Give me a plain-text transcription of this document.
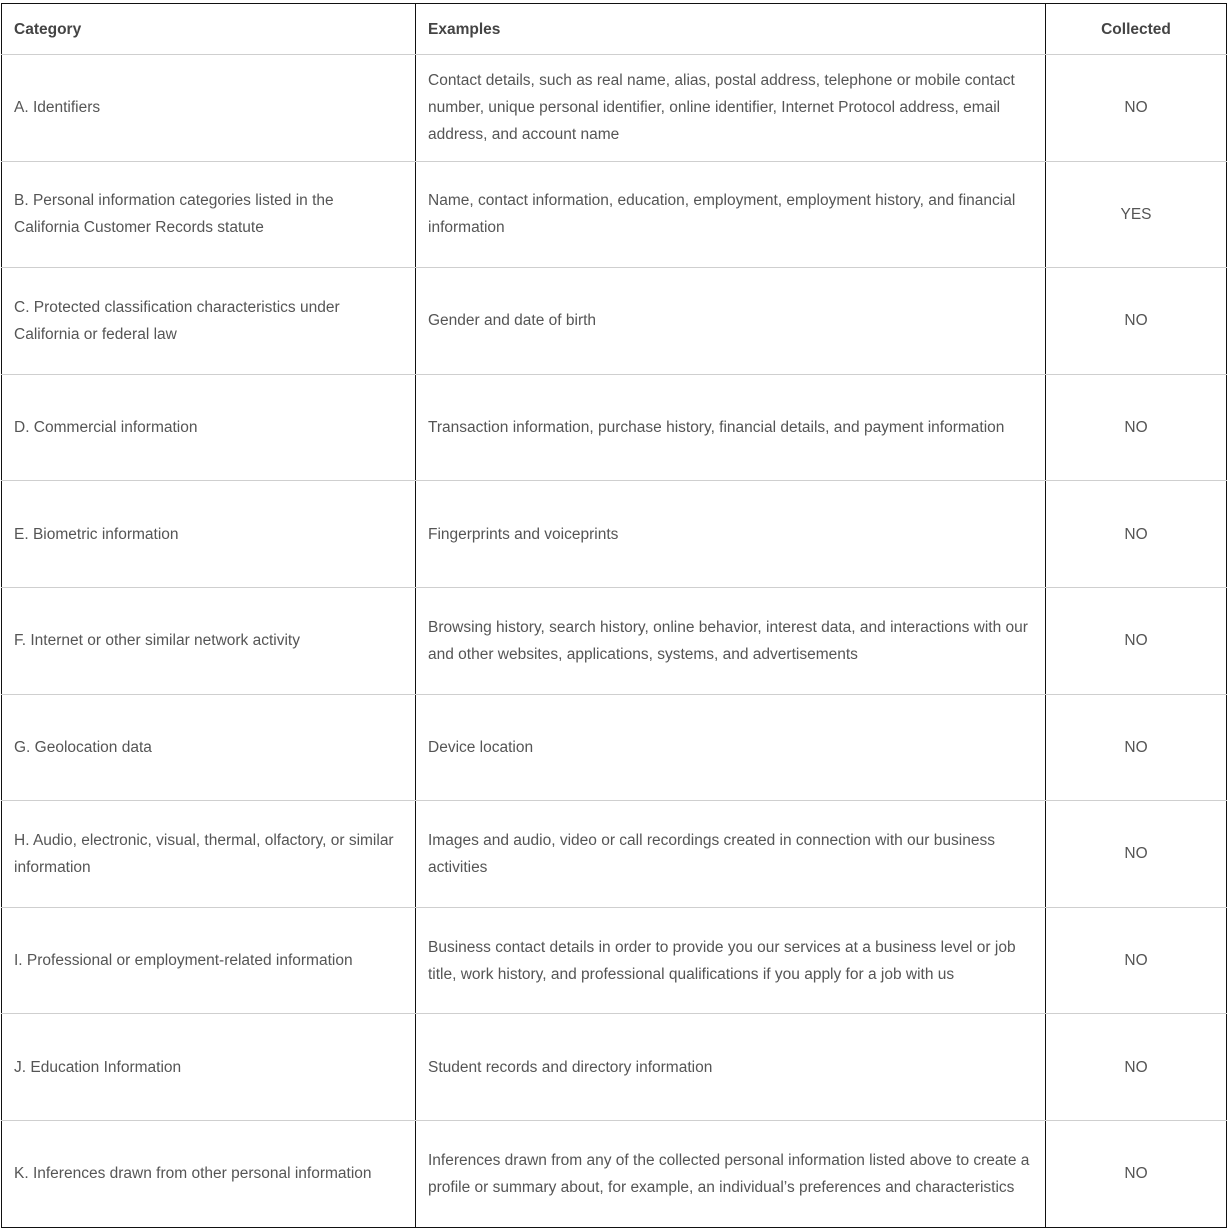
Category	Examples	Collected
A. Identifiers	Contact details, such as real name, alias, postal address, telephone or mobile contact number, unique personal identifier, online identifier, Internet Protocol address, email address, and account name	NO
B. Personal information categories listed in the California Customer Records statute	Name, contact information, education, employment, employment history, and financial information	YES
C. Protected classification characteristics under California or federal law	Gender and date of birth	NO
D. Commercial information	Transaction information, purchase history, financial details, and payment information	NO
E. Biometric information	Fingerprints and voiceprints	NO
F. Internet or other similar network activity	Browsing history, search history, online behavior, interest data, and interactions with our and other websites, applications, systems, and advertisements	NO
G. Geolocation data	Device location	NO
H. Audio, electronic, visual, thermal, olfactory, or similar information	Images and audio, video or call recordings created in connection with our business activities	NO
I. Professional or employment-related information	Business contact details in order to provide you our services at a business level or job title, work history, and professional qualifications if you apply for a job with us	NO
J. Education Information	Student records and directory information	NO
K. Inferences drawn from other personal information	Inferences drawn from any of the collected personal information listed above to create a profile or summary about, for example, an individual’s preferences and characteristics	NO
